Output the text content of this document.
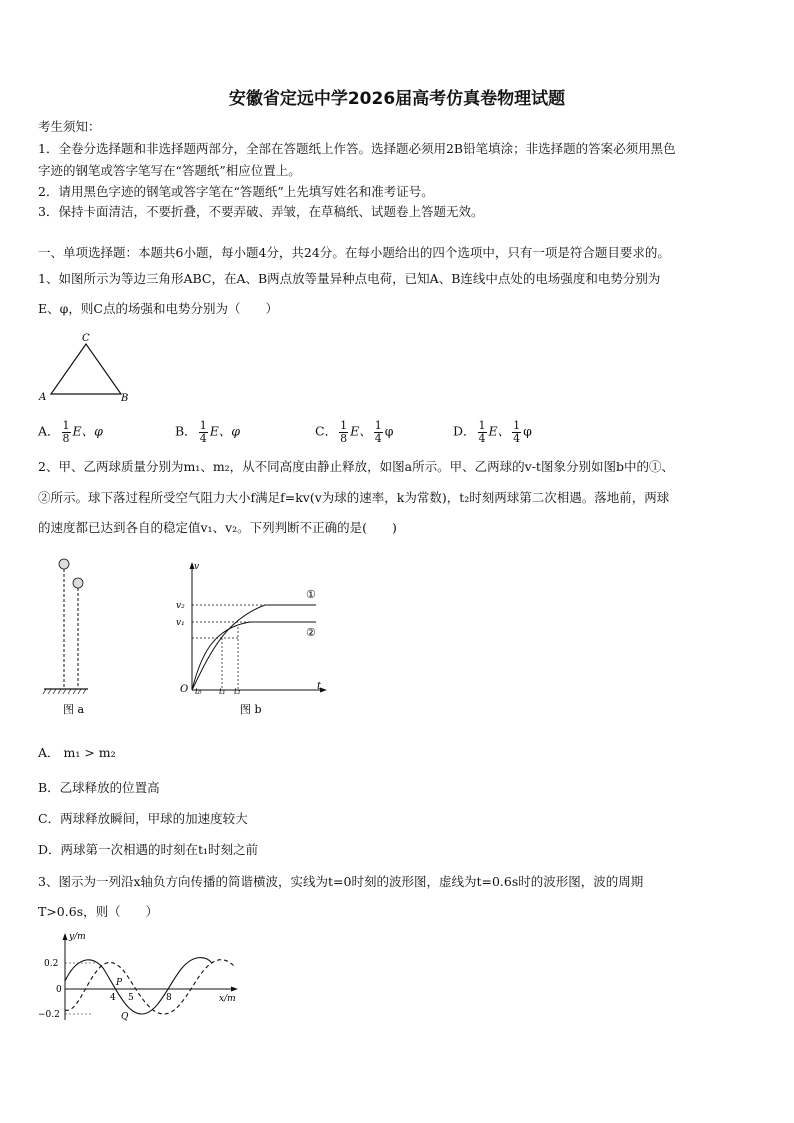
安徽省定远中学2026届高考仿真卷物理试题
考生须知：
1．全卷分选择题和非选择题两部分，全部在答题纸上作答。选择题必须用2B铅笔填涂；非选择题的答案必须用黑色
字迹的钢笔或答字笔写在“答题纸”相应位置上。
2．请用黑色字迹的钢笔或答字笔在“答题纸”上先填写姓名和准考证号。
3．保持卡面清洁，不要折叠，不要弄破、弄皱，在草稿纸、试题卷上答题无效。
一、单项选择题：本题共6小题，每小题4分，共24分。在每小题给出的四个选项中，只有一项是符合题目要求的。
1、如图所示为等边三角形ABC，在A、B两点放等量异种点电荷，已知A、B连线中点处的电场强度和电势分别为
E、φ，则C点的场强和电势分别为（　　）
C
A	B
A． $\frac{1}{8}$ E、φ	B． $\frac{1}{4}$ E、φ	C． $\frac{1}{8}$ E、 $\frac{1}{4}$ φ	D． $\frac{1}{4}$ E、 $\frac{1}{4}$ φ
2、甲、乙两球质量分别为m₁、m₂，从不同高度由静止释放，如图a所示。甲、乙两球的v-t图象分别如图b中的①、
②所示。球下落过程所受空气阻力大小f满足f=kv(v为球的速率，k为常数)，t₂时刻两球第二次相遇。落地前，两球
的速度都已达到各自的稳定值v₁、v₂。下列判断不正确的是(　　)
图 a
v
t
O
v₂
v₁
t₀ t₁ t₂
①
②
图 b
A． m₁ > m₂
B．乙球释放的位置高
C．两球释放瞬间，甲球的加速度较大
D．两球第一次相遇的时刻在t₁时刻之前
3、图示为一列沿x轴负方向传播的简谐横波，实线为t=0时刻的波形图，虚线为t=0.6s时的波形图，波的周期
T>0.6s，则（　　）
y/m
x/m
0.2
0
−0.2
4 5	8
P
Q
